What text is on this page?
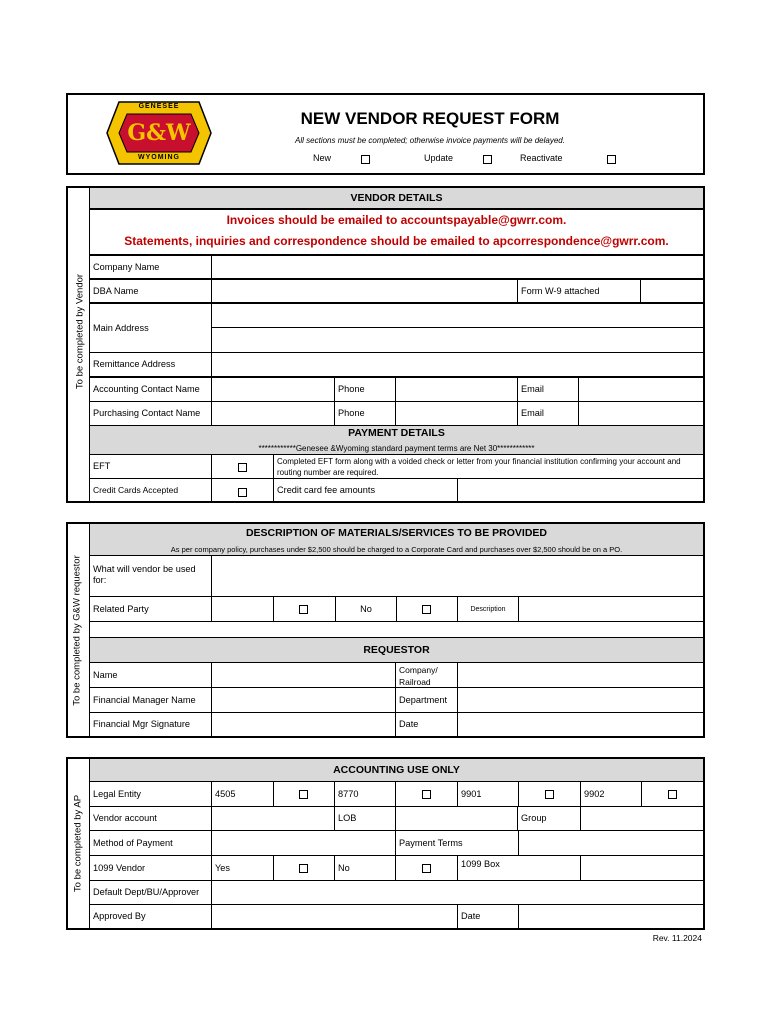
G&W
GENESEE
WYOMING
NEW VENDOR REQUEST FORM
All sections must be completed; otherwise invoice payments will be delayed.
New	Update	Reactivate
To be completed by Vendor
VENDOR DETAILS
Invoices should be emailed to accountspayable@gwrr.com.
Statements, inquiries and correspondence should be emailed to apcorrespondence@gwrr.com.
Company Name
DBA Name	Form W-9 attached
Main Address
Remittance Address
Accounting Contact Name	Phone	Email
Purchasing Contact Name	Phone	Email
PAYMENT DETAILS
************Genesee &Wyoming standard payment terms are Net 30************
EFT	Completed EFT form along with a voided check or letter from your financial institution confirming your account and routing number are required.
Credit Cards Accepted	Credit card fee amounts
To be completed by G&W requestor
DESCRIPTION OF MATERIALS/SERVICES TO BE PROVIDED
As per company policy, purchases under $2,500 should be charged to a Corporate Card and purchases over $2,500 should be on a PO.
What will vendor be used for:
Related Party	No	Description
REQUESTOR
Name	Company/ Railroad
Financial Manager Name	Department
Financial Mgr Signature	Date
To be completed by AP
ACCOUNTING USE ONLY
Legal Entity	4505	8770	9901	9902
Vendor account	LOB	Group
Method of Payment	Payment Terms
1099 Vendor	Yes	No	1099 Box
Default Dept/BU/Approver
Approved By	Date
Rev. 11.2024
